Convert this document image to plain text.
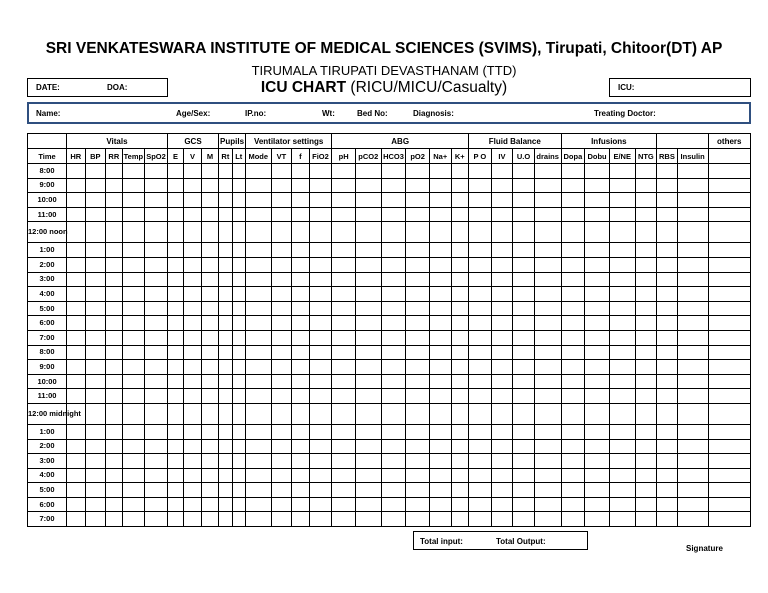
SRI VENKATESWARA INSTITUTE OF MEDICAL SCIENCES (SVIMS), Tirupati, Chitoor(DT) AP
TIRUMALA TIRUPATI DEVASTHANAM (TTD)
ICU CHART (RICU/MICU/Casualty)
DATE:	DOA:	ICU:
Name:	Age/Sex:	IP.no:	Wt:	Bed No:	Diagnosis:	Treating Doctor:
	Vitals					GCS			Pupils		Ventilator settings				ABG						Fluid Balance				Infusions						others
Time	HR	BP	RR	Temp	SpO2	E	V	M	Rt	Lt	Mode	VT	f	FiO2	pH	pCO2	HCO3	pO2	Na+	K+	P O	IV	U.O	drains	Dopa	Dobu	E/NE	NTG	RBS	Insulin	
8:00																															
9:00																															
10:00																															
11:00																															
12:00 noon																															
1:00																															
2:00																															
3:00																															
4:00																															
5:00																															
6:00																															
7:00																															
8:00																															
9:00																															
10:00																															
11:00																															
12:00 midnight																															
1:00																															
2:00																															
3:00																															
4:00																															
5:00																															
6:00																															
7:00																															
Total input:	Total Output:
Signature
